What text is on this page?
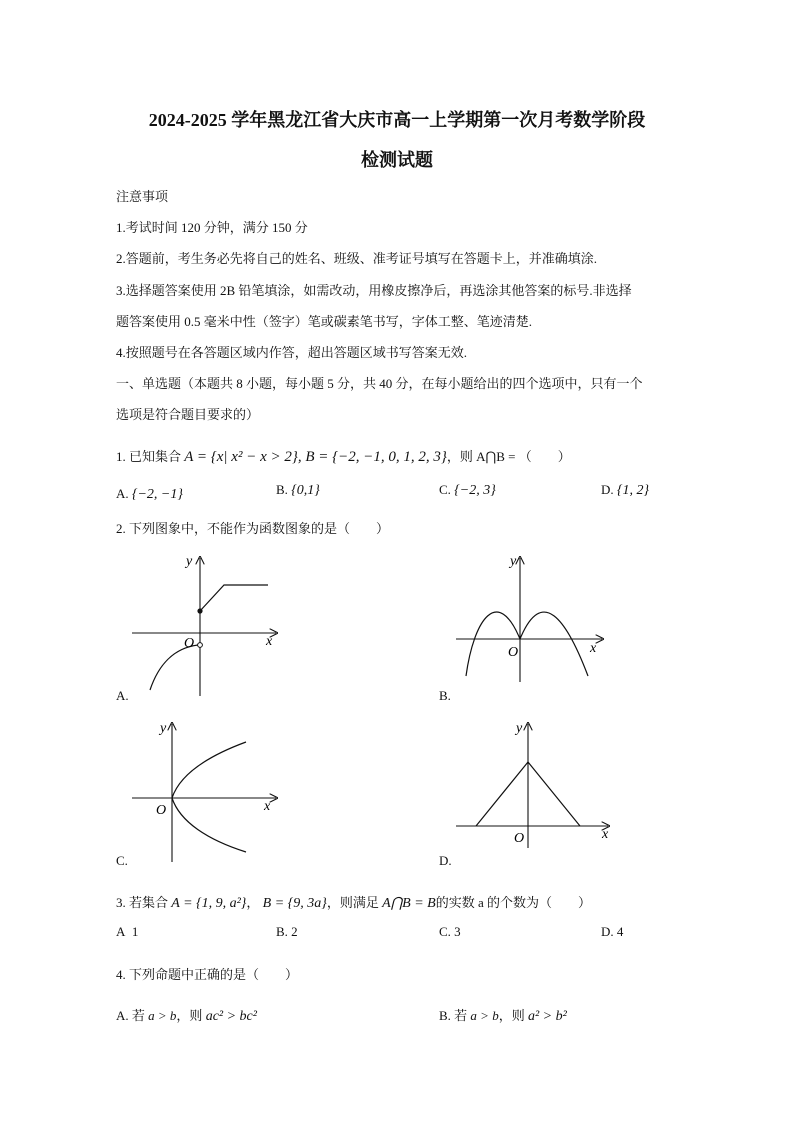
2024-2025 学年黑龙江省大庆市高一上学期第一次月考数学阶段
检测试题
注意事项
1.考试时间 120 分钟，满分 150 分
2.答题前，考生务必先将自己的姓名、班级、准考证号填写在答题卡上，并准确填涂.
3.选择题答案使用 2B 铅笔填涂，如需改动，用橡皮擦净后，再选涂其他答案的标号.非选择
题答案使用 0.5 毫米中性（签字）笔或碳素笔书写，字体工整、笔迹清楚.
4.按照题号在各答题区域内作答，超出答题区域书写答案无效.
一、单选题（本题共 8 小题，每小题 5 分，共 40 分，在每小题给出的四个选项中，只有一个
选项是符合题目要求的）
1. 已知集合 A = {x| x² − x > 2}, B = {−2, −1, 0, 1, 2, 3}，则 A⋂B = （　　）
A. {−2, −1}	B. {0,1}	C. {−2, 3}	D. {1, 2}
2. 下列图象中，不能作为函数图象的是（　　）
y
x
O
A.
y
x
O
B.
y
x
O
C.
y
x
O
D.
3. 若集合 A = {1, 9, a²}， B = {9, 3a}，则满足 A⋂B = B的实数 a 的个数为（　　）
A 1	B. 2	C. 3	D. 4
4. 下列命题中正确的是（　　）
A. 若 a > b，则 ac² > bc²	B. 若 a > b，则 a² > b²
